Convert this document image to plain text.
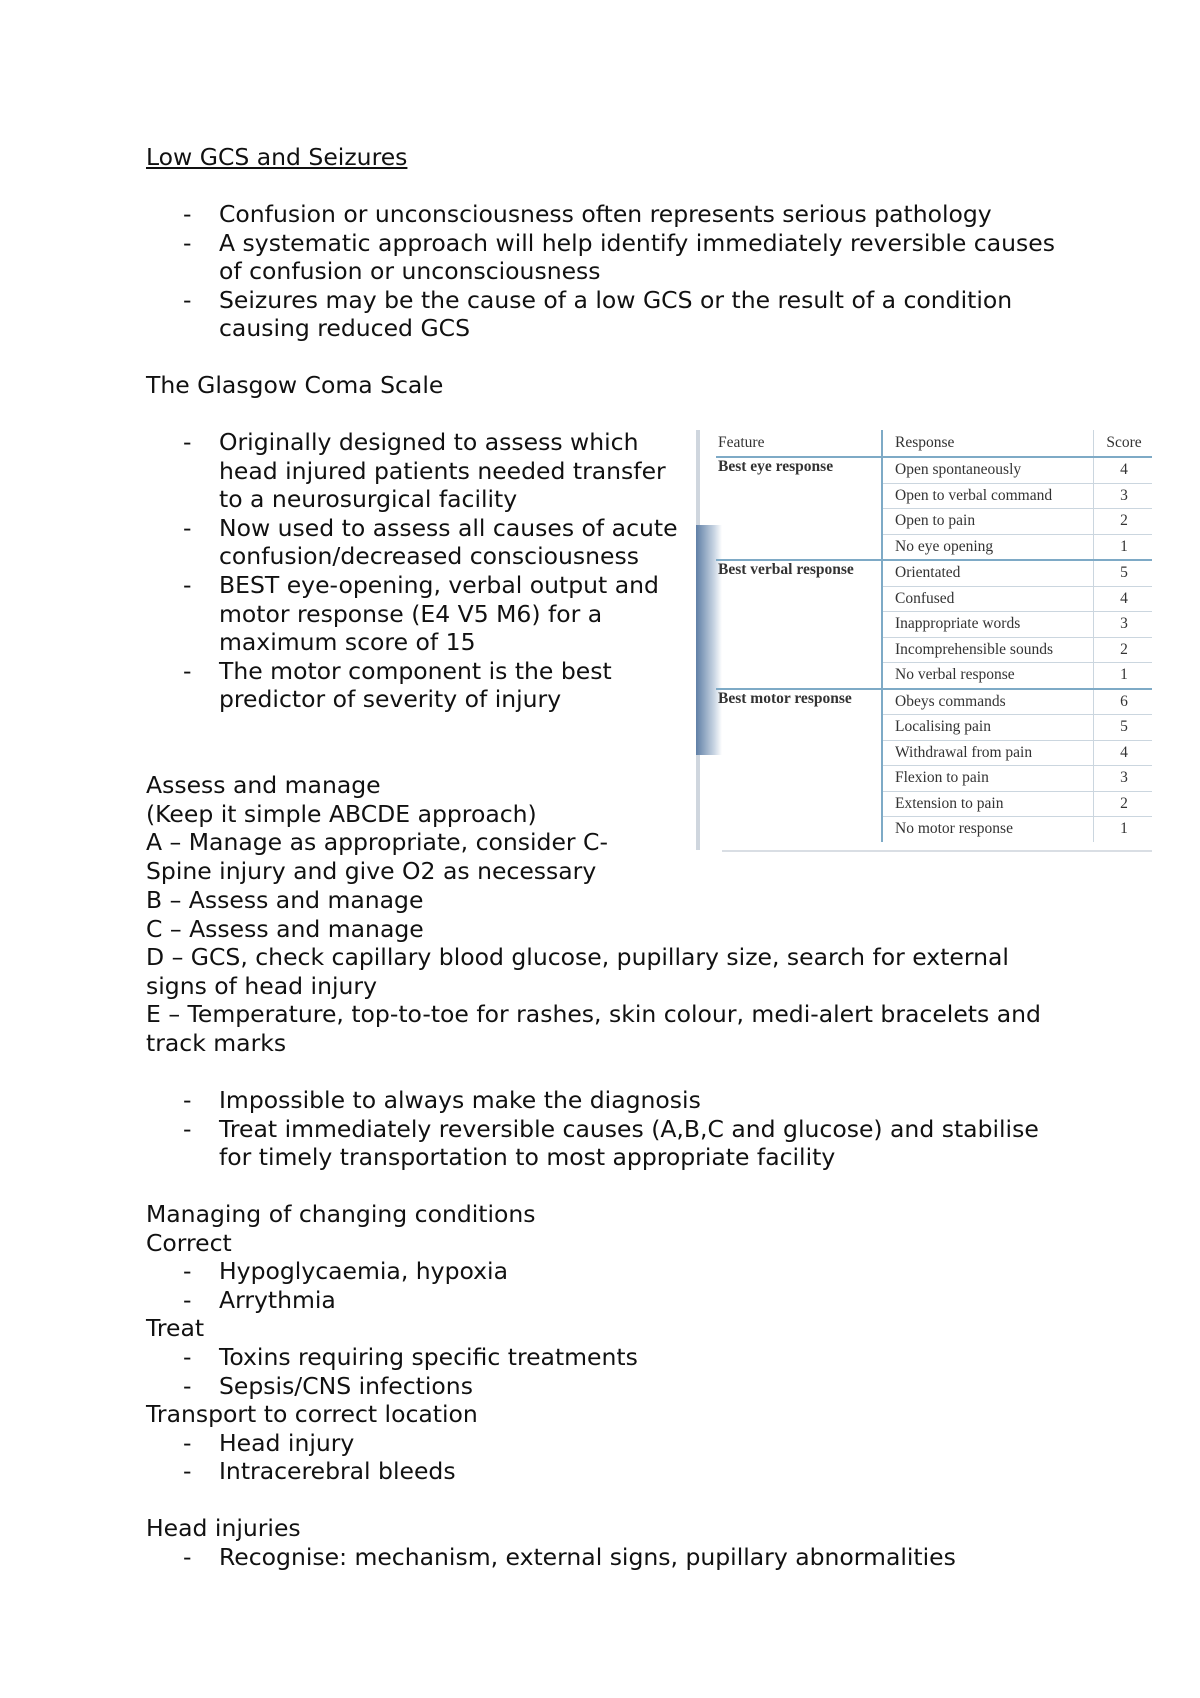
Low GCS and Seizures
- Confusion or unconsciousness often represents serious pathology
- A systematic approach will help identify immediately reversible causes of confusion or unconsciousness
- Seizures may be the cause of a low GCS or the result of a condition causing reduced GCS
The Glasgow Coma Scale
- Originally designed to assess which head injured patients needed transfer to a neurosurgical facility
- Now used to assess all causes of acute confusion/decreased consciousness
- BEST eye-opening, verbal output and motor response (E4 V5 M6) for a maximum score of 15
- The motor component is the best predictor of severity of injury
Feature	Response	Score
Best eye response	Open spontaneously	4
	Open to verbal command	3
	Open to pain	2
	No eye opening	1
Best verbal response	Orientated	5
	Confused	4
	Inappropriate words	3
	Incomprehensible sounds	2
	No verbal response	1
Best motor response	Obeys commands	6
	Localising pain	5
	Withdrawal from pain	4
	Flexion to pain	3
	Extension to pain	2
	No motor response	1

Assess and manage

(Keep it simple ABCDE approach)

A – Manage as appropriate, consider C-Spine injury and give O2 as necessary

B – Assess and manage

C – Assess and manage

D – GCS, check capillary blood glucose, pupillary size, search for external signs of head injury

E – Temperature, top-to-toe for rashes, skin colour, medi-alert bracelets and track marks

- Impossible to always make the diagnosis
- Treat immediately reversible causes (A,B,C and glucose) and stabilise for timely transportation to most appropriate facility

Managing of changing conditions

Correct

- Hypoglycaemia, hypoxia
- Arrythmia

Treat

- Toxins requiring specific treatments
- Sepsis/CNS infections

Transport to correct location

- Head injury
- Intracerebral bleeds

Head injuries

- Recognise: mechanism, external signs, pupillary abnormalities
